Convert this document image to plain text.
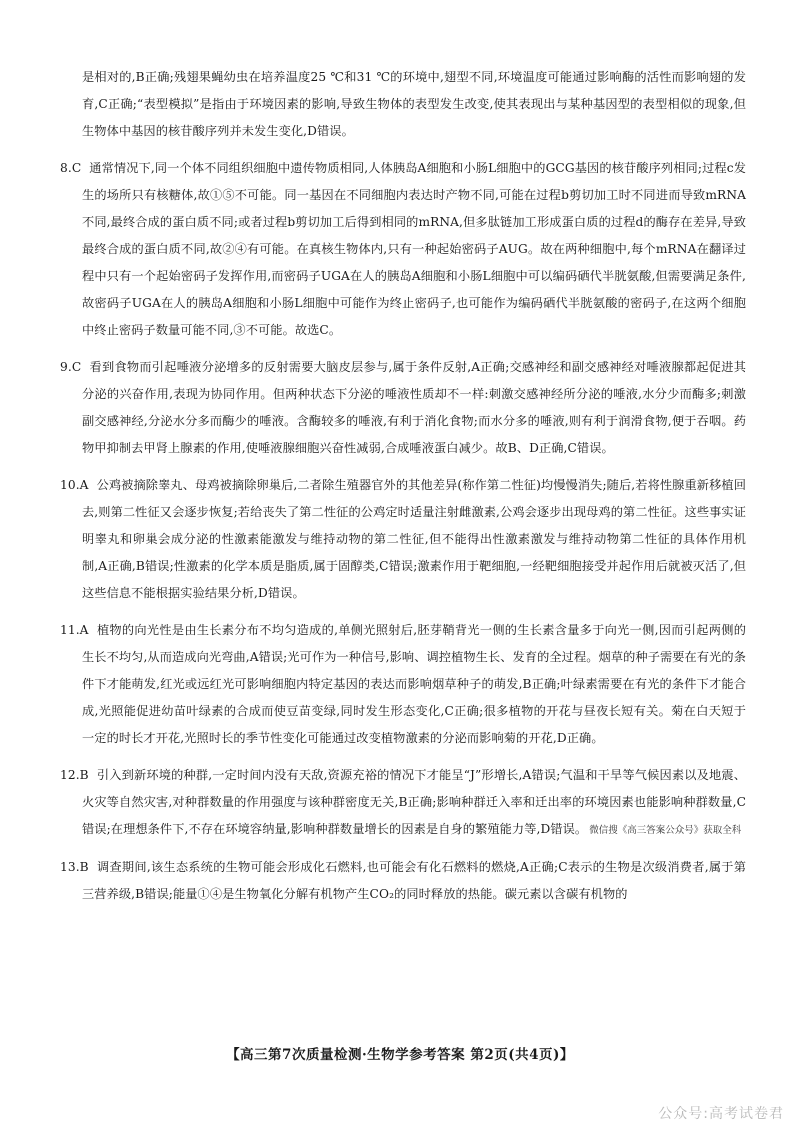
是相对的,B正确;残翅果蝇幼虫在培养温度25 ℃和31 ℃的环境中,翅型不同,环境温度可能通过影响酶的活性而影响翅的发育,C正确;“表型模拟”是指由于环境因素的影响,导致生物体的表型发生改变,使其表现出与某种基因型的表型相似的现象,但生物体中基因的核苷酸序列并未发生变化,D错误。

8.C 通常情况下,同一个体不同组织细胞中遗传物质相同,人体胰岛A细胞和小肠L细胞中的GCG基因的核苷酸序列相同;过程c发生的场所只有核糖体,故①⑤不可能。同一基因在不同细胞内表达时产物不同,可能在过程b剪切加工时不同进而导致mRNA不同,最终合成的蛋白质不同;或者过程b剪切加工后得到相同的mRNA,但多肽链加工形成蛋白质的过程d的酶存在差异,导致最终合成的蛋白质不同,故②④有可能。在真核生物体内,只有一种起始密码子AUG。故在两种细胞中,每个mRNA在翻译过程中只有一个起始密码子发挥作用,而密码子UGA在人的胰岛A细胞和小肠L细胞中可以编码硒代半胱氨酸,但需要满足条件,故密码子UGA在人的胰岛A细胞和小肠L细胞中可能作为终止密码子,也可能作为编码硒代半胱氨酸的密码子,在这两个细胞中终止密码子数量可能不同,③不可能。故选C。

9.C 看到食物而引起唾液分泌增多的反射需要大脑皮层参与,属于条件反射,A正确;交感神经和副交感神经对唾液腺都起促进其分泌的兴奋作用,表现为协同作用。但两种状态下分泌的唾液性质却不一样:刺激交感神经所分泌的唾液,水分少而酶多;刺激副交感神经,分泌水分多而酶少的唾液。含酶较多的唾液,有利于消化食物;而水分多的唾液,则有利于润滑食物,便于吞咽。药物甲抑制去甲肾上腺素的作用,使唾液腺细胞兴奋性减弱,合成唾液蛋白减少。故B、D正确,C错误。

10.A 公鸡被摘除睾丸、母鸡被摘除卵巢后,二者除生殖器官外的其他差异(称作第二性征)均慢慢消失;随后,若将性腺重新移植回去,则第二性征又会逐步恢复;若给丧失了第二性征的公鸡定时适量注射雌激素,公鸡会逐步出现母鸡的第二性征。这些事实证明睾丸和卵巢会成分泌的性激素能激发与维持动物的第二性征,但不能得出性激素激发与维持动物第二性征的具体作用机制,A正确,B错误;性激素的化学本质是脂质,属于固醇类,C错误;激素作用于靶细胞,一经靶细胞接受并起作用后就被灭活了,但这些信息不能根据实验结果分析,D错误。

11.A 植物的向光性是由生长素分布不均匀造成的,单侧光照射后,胚芽鞘背光一侧的生长素含量多于向光一侧,因而引起两侧的生长不均匀,从而造成向光弯曲,A错误;光可作为一种信号,影响、调控植物生长、发育的全过程。烟草的种子需要在有光的条件下才能萌发,红光或远红光可影响细胞内特定基因的表达而影响烟草种子的萌发,B正确;叶绿素需要在有光的条件下才能合成,光照能促进幼苗叶绿素的合成而使豆苗变绿,同时发生形态变化,C正确;很多植物的开花与昼夜长短有关。菊在白天短于一定的时长才开花,光照时长的季节性变化可能通过改变植物激素的分泌而影响菊的开花,D正确。

12.B 引入到新环境的种群,一定时间内没有天敌,资源充裕的情况下才能呈“J”形增长,A错误;气温和干旱等气候因素以及地震、火灾等自然灾害,对种群数量的作用强度与该种群密度无关,B正确;影响种群迁入率和迁出率的环境因素也能影响种群数量,C错误;在理想条件下,不存在环境容纳量,影响种群数量增长的因素是自身的繁殖能力等,D错误。 微信搜《高三答案公众号》获取全科

13.B 调查期间,该生态系统的生物可能会形成化石燃料,也可能会有化石燃料的燃烧,A正确;C表示的生物是次级消费者,属于第三营养级,B错误;能量①④是生物氧化分解有机物产生CO₂的同时释放的热能。碳元素以含碳有机物的

【高三第7次质量检测·生物学参考答案 第2页(共4页)】
公众号:高考试卷君
